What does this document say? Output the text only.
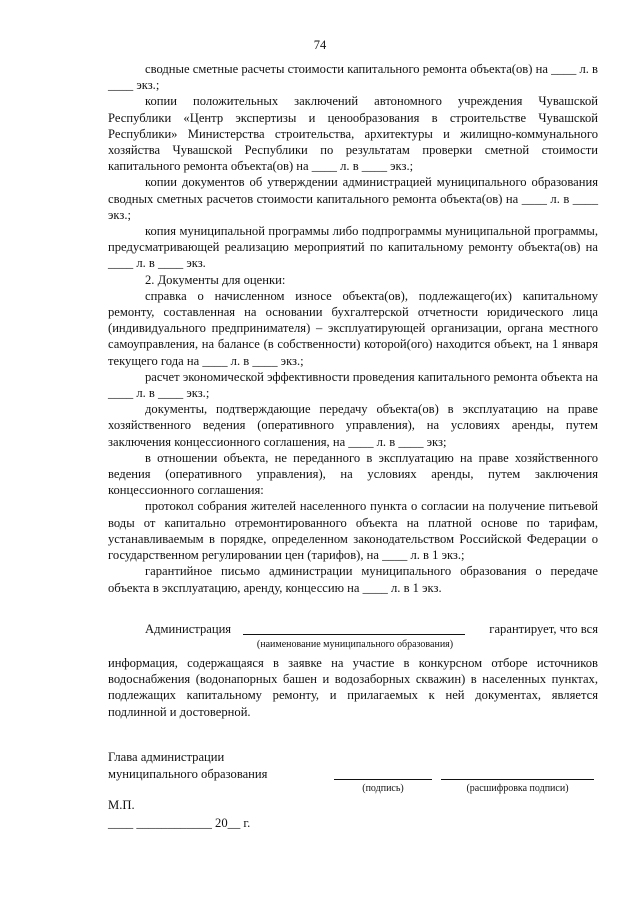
74

сводные сметные расчеты стоимости капитального ремонта объекта(ов) на ____ л. в ____ экз.;

копии положительных заключений автономного учреждения Чувашской Республики «Центр экспертизы и ценообразования в строительстве Чувашской Республики» Министерства строительства, архитектуры и жилищно-коммунального хозяйства Чувашской Республики по результатам проверки сметной стоимости капитального ремонта объекта(ов) на ____ л. в ____ экз.;

копии документов об утверждении администрацией муниципального образования сводных сметных расчетов стоимости капитального ремонта объекта(ов) на ____ л. в ____ экз.;

копия муниципальной программы либо подпрограммы муниципальной программы, предусматривающей реализацию мероприятий по капитальному ремонту объекта(ов) на ____ л. в ____ экз.

2. Документы для оценки:

справка о начисленном износе объекта(ов), подлежащего(их) капитальному ремонту, составленная на основании бухгалтерской отчетности юридического лица (индивидуального предпринимателя) – эксплуатирующей организации, органа местного самоуправления, на балансе (в собственности) которой(ого) находится объект, на 1 января текущего года на ____ л. в ____ экз.;

расчет экономической эффективности проведения капитального ремонта объекта на ____ л. в ____ экз.;

документы, подтверждающие передачу объекта(ов) в эксплуатацию на праве хозяйственного ведения (оперативного управления), на условиях аренды, путем заключения концессионного соглашения, на ____ л. в ____ экз;

в отношении объекта, не переданного в эксплуатацию на праве хозяйственного ведения (оперативного управления), на условиях аренды, путем заключения концессионного соглашения:

протокол собрания жителей населенного пункта о согласии на получение питьевой воды от капитально отремонтированного объекта на платной основе по тарифам, устанавливаемым в порядке, определенном законодательством Российской Федерации о государственном регулировании цен (тарифов), на ____ л. в 1 экз.;

гарантийное письмо администрации муниципального образования о передаче объекта в эксплуатацию, аренду, концессию на ____ л. в 1 экз.

Администрация	гарантирует, что вся
(наименование муниципального образования)
информация, содержащаяся в заявке на участие в конкурсном отборе источников водоснабжения (водонапорных башен и водозаборных скважин) в населенных пунктах, подлежащих капитальному ремонту, и прилагаемых к ней документах, является подлинной и достоверной.
Глава администрации
муниципального образования
(подпись)	(расшифровка подписи)
М.П.
____ ____________ 20__ г.
